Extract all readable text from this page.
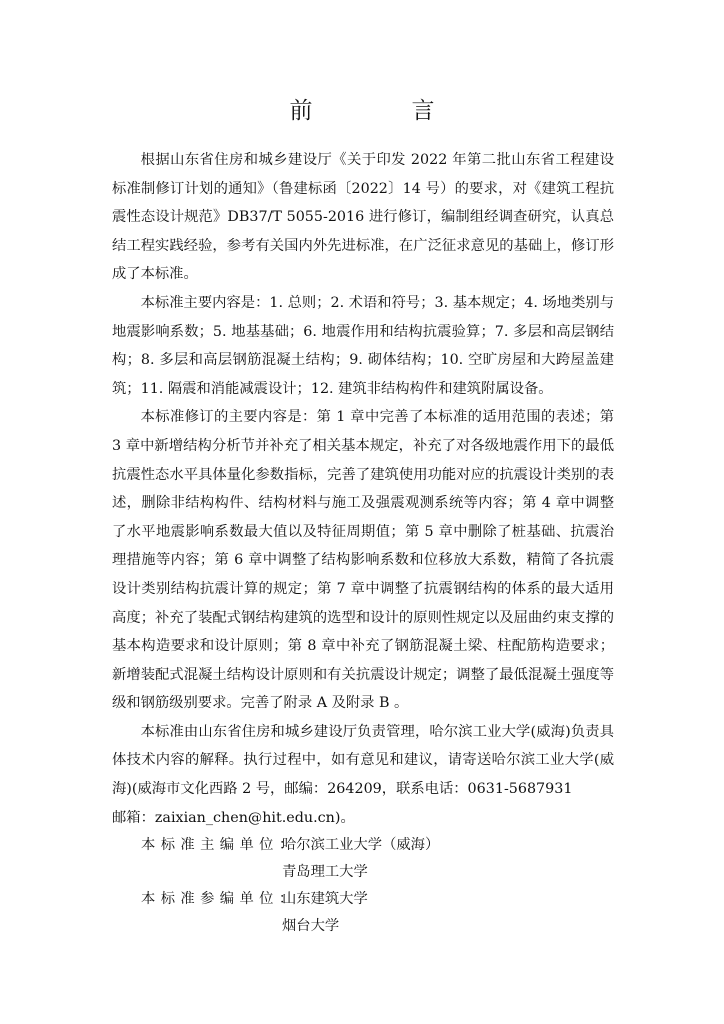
前　言

根据山东省住房和城乡建设厅《关于印发 2022 年第二批山东省工程建设标准制修订计划的通知》（鲁建标函〔2022〕14 号）的要求，对《建筑工程抗震性态设计规范》DB37/T 5055-2016 进行修订，编制组经调查研究，认真总结工程实践经验，参考有关国内外先进标准，在广泛征求意见的基础上，修订形成了本标准。

本标准主要内容是：1. 总则；2. 术语和符号；3. 基本规定；4. 场地类别与地震影响系数；5. 地基基础；6. 地震作用和结构抗震验算；7. 多层和高层钢结构；8. 多层和高层钢筋混凝土结构；9. 砌体结构；10. 空旷房屋和大跨屋盖建筑；11. 隔震和消能减震设计；12. 建筑非结构构件和建筑附属设备。

本标准修订的主要内容是：第 1 章中完善了本标准的适用范围的表述；第 3 章中新增结构分析节并补充了相关基本规定，补充了对各级地震作用下的最低抗震性态水平具体量化参数指标，完善了建筑使用功能对应的抗震设计类别的表述，删除非结构构件、结构材料与施工及强震观测系统等内容；第 4 章中调整了水平地震影响系数最大值以及特征周期值；第 5 章中删除了桩基础、抗震治理措施等内容；第 6 章中调整了结构影响系数和位移放大系数，精简了各抗震设计类别结构抗震计算的规定；第 7 章中调整了抗震钢结构的体系的最大适用高度；补充了装配式钢结构建筑的选型和设计的原则性规定以及屈曲约束支撑的基本构造要求和设计原则；第 8 章中补充了钢筋混凝土梁、柱配筋构造要求；新增装配式混凝土结构设计原则和有关抗震设计规定；调整了最低混凝土强度等级和钢筋级别要求。完善了附录 A 及附录 B 。

本标准由山东省住房和城乡建设厅负责管理，哈尔滨工业大学(威海)负责具体技术内容的解释。执行过程中，如有意见和建议，请寄送哈尔滨工业大学(威海)(威海市文化西路 2 号，邮编：264209，联系电话：0631-5687931

邮箱：zaixian_chen@hit.edu.cn)。

本标准主编单位：
哈尔滨工业大学（威海）
青岛理工大学
本标准参编单位：
山东建筑大学
烟台大学
